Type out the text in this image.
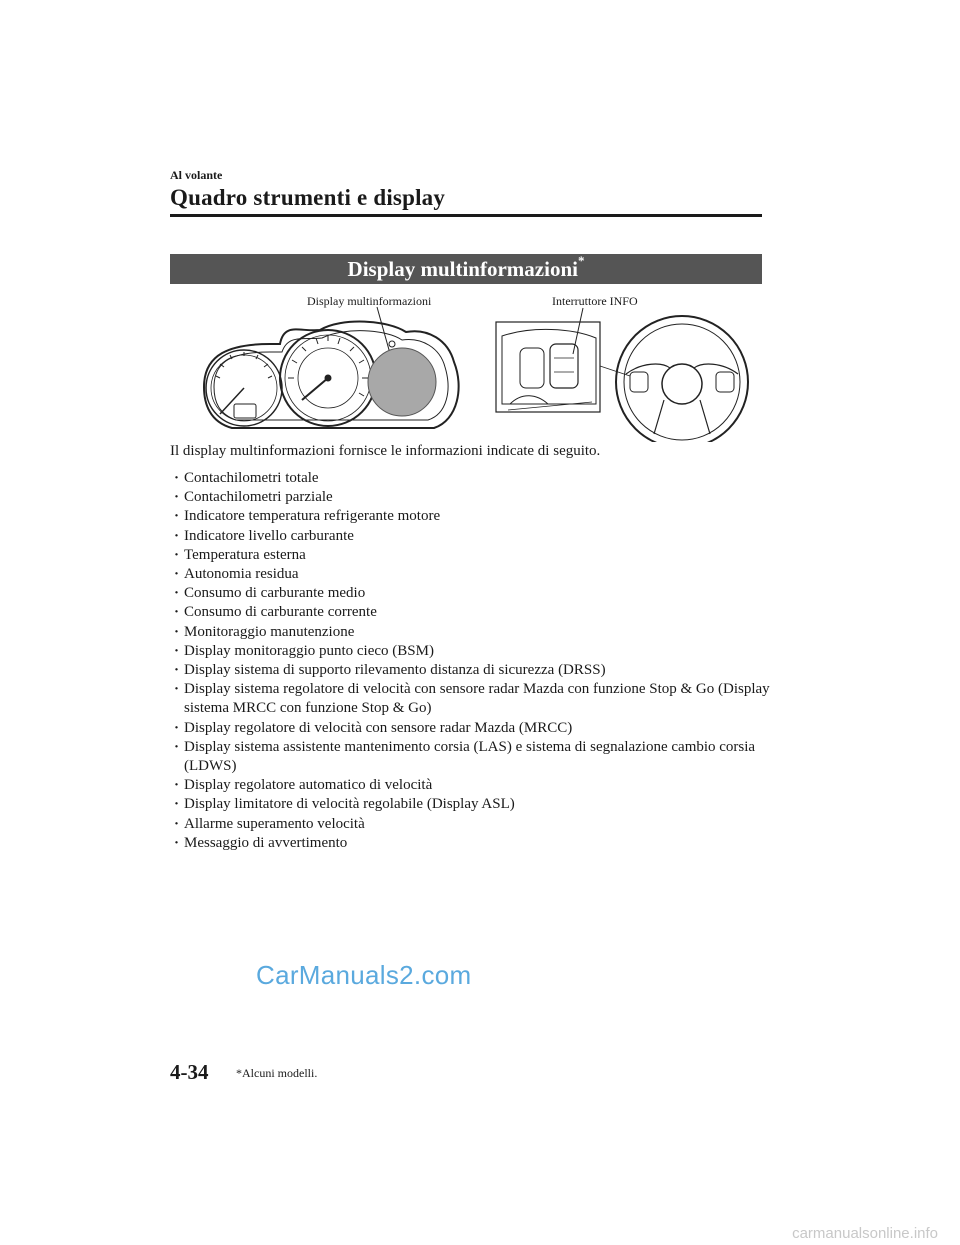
Al volante
Quadro strumenti e display
Display multinformazioni*
Display multinformazioni	Interruttore INFO
Il display multinformazioni fornisce le informazioni indicate di seguito.
· Contachilometri totale
· Contachilometri parziale
· Indicatore temperatura refrigerante motore
· Indicatore livello carburante
· Temperatura esterna
· Autonomia residua
· Consumo di carburante medio
· Consumo di carburante corrente
· Monitoraggio manutenzione
· Display monitoraggio punto cieco (BSM)
· Display sistema di supporto rilevamento distanza di sicurezza (DRSS)
· Display sistema regolatore di velocità con sensore radar Mazda con funzione Stop & Go (Display sistema MRCC con funzione Stop & Go)
· Display regolatore di velocità con sensore radar Mazda (MRCC)
· Display sistema assistente mantenimento corsia (LAS) e sistema di segnalazione cambio corsia (LDWS)
· Display regolatore automatico di velocità
· Display limitatore di velocità regolabile (Display ASL)
· Allarme superamento velocità
· Messaggio di avvertimento
CarManuals2.com
4-34 *Alcuni modelli.
carmanualsonline.info
